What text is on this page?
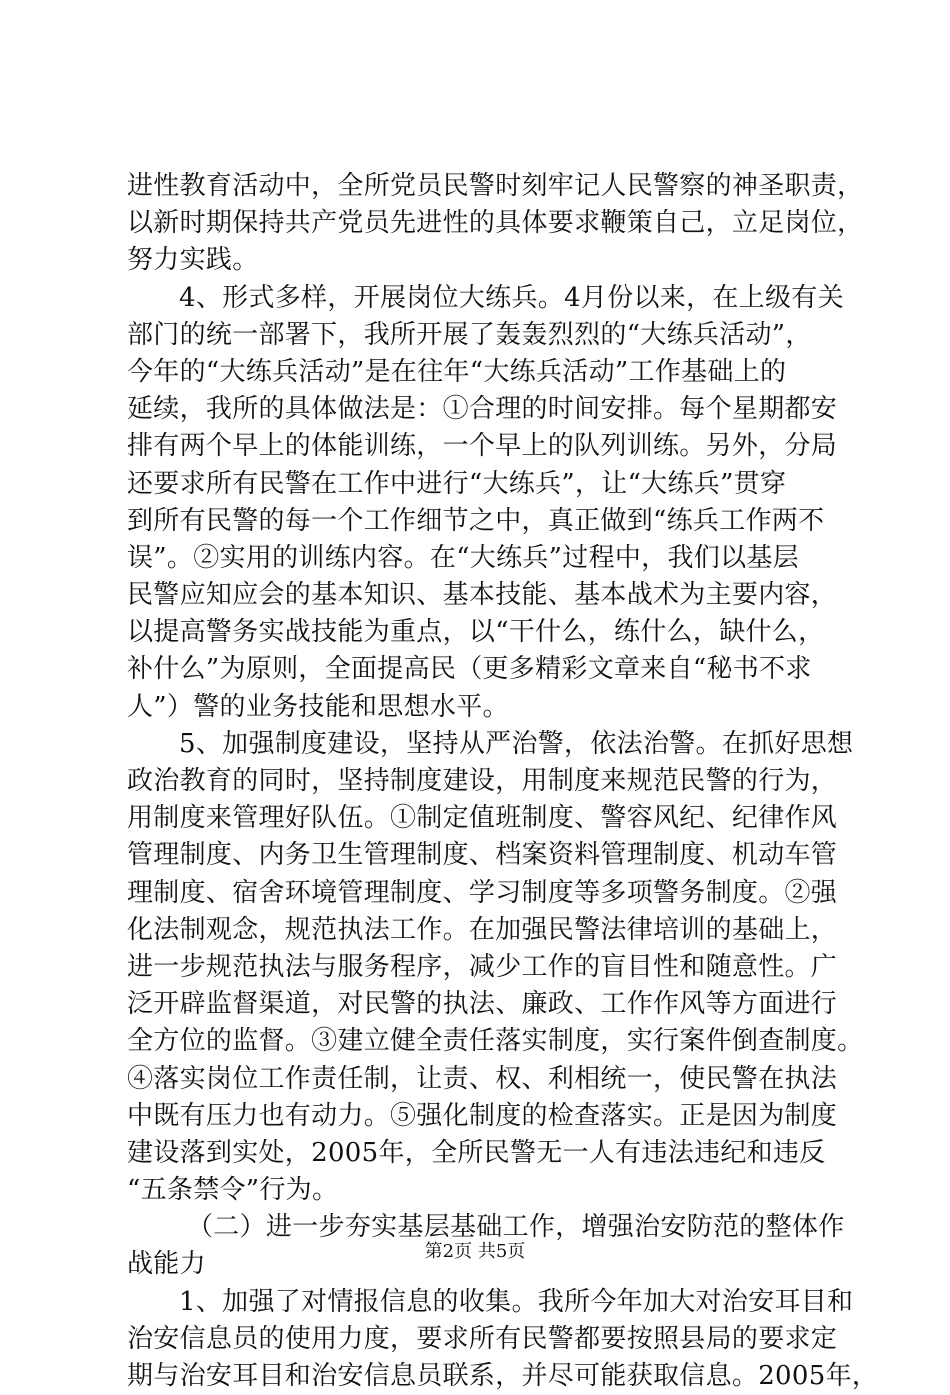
进性教育活动中，全所党员民警时刻牢记人民警察的神圣职责，
以新时期保持共产党员先进性的具体要求鞭策自己，立足岗位，
努力实践。
4、形式多样，开展岗位大练兵。4月份以来，在上级有关
部门的统一部署下，我所开展了轰轰烈烈的“大练兵活动”，
今年的“大练兵活动”是在往年“大练兵活动”工作基础上的
延续，我所的具体做法是：①合理的时间安排。每个星期都安
排有两个早上的体能训练，一个早上的队列训练。另外，分局
还要求所有民警在工作中进行“大练兵”，让“大练兵”贯穿
到所有民警的每一个工作细节之中，真正做到“练兵工作两不
误”。②实用的训练内容。在“大练兵”过程中，我们以基层
民警应知应会的基本知识、基本技能、基本战术为主要内容，
以提高警务实战技能为重点，以“干什么，练什么，缺什么，
补什么”为原则，全面提高民（更多精彩文章来自“秘书不求
人”）警的业务技能和思想水平。
5、加强制度建设，坚持从严治警，依法治警。在抓好思想
政治教育的同时，坚持制度建设，用制度来规范民警的行为，
用制度来管理好队伍。①制定值班制度、警容风纪、纪律作风
管理制度、内务卫生管理制度、档案资料管理制度、机动车管
理制度、宿舍环境管理制度、学习制度等多项警务制度。②强
化法制观念，规范执法工作。在加强民警法律培训的基础上，
进一步规范执法与服务程序，减少工作的盲目性和随意性。广
泛开辟监督渠道，对民警的执法、廉政、工作作风等方面进行
全方位的监督。③建立健全责任落实制度，实行案件倒查制度。
④落实岗位工作责任制，让责、权、利相统一，使民警在执法
中既有压力也有动力。⑤强化制度的检查落实。正是因为制度
建设落到实处，2005年，全所民警无一人有违法违纪和违反
“五条禁令”行为。
（二）进一步夯实基层基础工作，增强治安防范的整体作
战能力
1、加强了对情报信息的收集。我所今年加大对治安耳目和
治安信息员的使用力度，要求所有民警都要按照县局的要求定
期与治安耳目和治安信息员联系，并尽可能获取信息。2005年，
第2页 共5页
